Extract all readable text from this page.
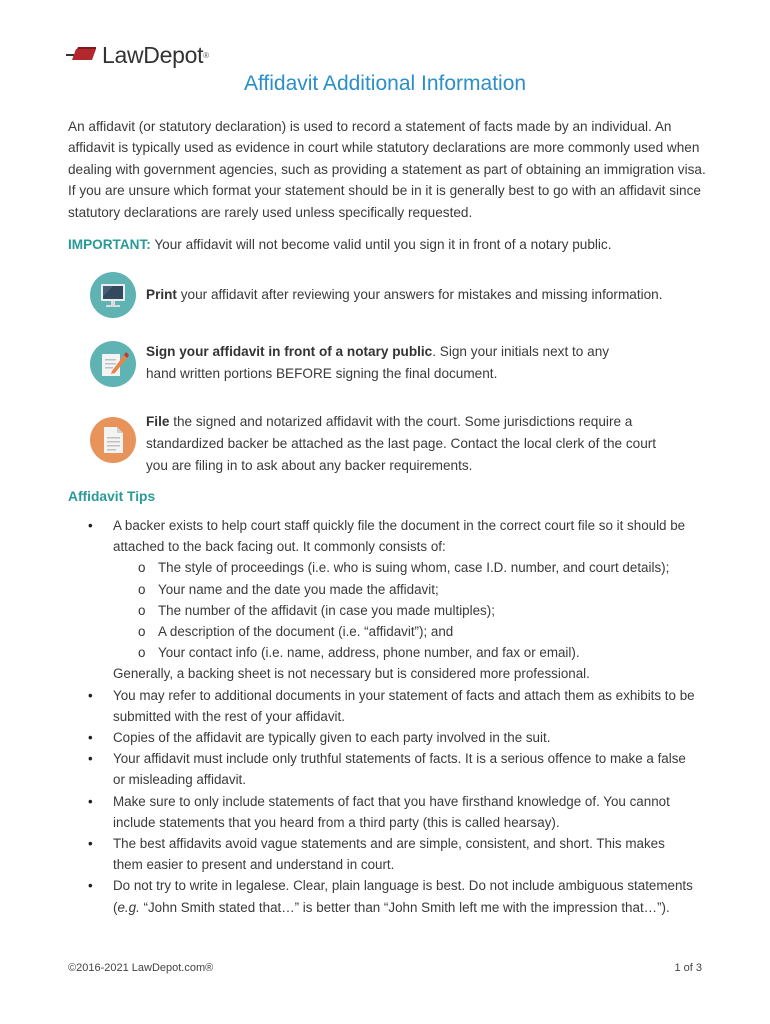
LawDepot ®
Affidavit Additional Information

An affidavit (or statutory declaration) is used to record a statement of facts made by an individual. An affidavit is typically used as evidence in court while statutory declarations are more commonly used when dealing with government agencies, such as providing a statement as part of obtaining an immigration visa. If you are unsure which format your statement should be in it is generally best to go with an affidavit since statutory declarations are rarely used unless specifically requested.

IMPORTANT: Your affidavit will not become valid until you sign it in front of a notary public.

Print your affidavit after reviewing your answers for mistakes and missing information.

Sign your affidavit in front of a notary public. Sign your initials next to any hand written portions BEFORE signing the final document.

File the signed and notarized affidavit with the court. Some jurisdictions require a standardized backer be attached as the last page. Contact the local clerk of the court you are filing in to ask about any backer requirements.

Affidavit Tips

• A backer exists to help court staff quickly file the document in the correct court file so it should be attached to the back facing out. It commonly consists of:
o The style of proceedings (i.e. who is suing whom, case I.D. number, and court details);
o Your name and the date you made the affidavit;
o The number of the affidavit (in case you made multiples);
o A description of the document (i.e. “affidavit”); and
o Your contact info (i.e. name, address, phone number, and fax or email).
Generally, a backing sheet is not necessary but is considered more professional.
• You may refer to additional documents in your statement of facts and attach them as exhibits to be submitted with the rest of your affidavit.
• Copies of the affidavit are typically given to each party involved in the suit.
• Your affidavit must include only truthful statements of facts. It is a serious offence to make a false or misleading affidavit.
• Make sure to only include statements of fact that you have firsthand knowledge of. You cannot include statements that you heard from a third party (this is called hearsay).
• The best affidavits avoid vague statements and are simple, consistent, and short. This makes them easier to present and understand in court.
• Do not try to write in legalese. Clear, plain language is best. Do not include ambiguous statements (e.g. “John Smith stated that…” is better than “John Smith left me with the impression that…”).
©2016-2021 LawDepot.com®	1 of 3
